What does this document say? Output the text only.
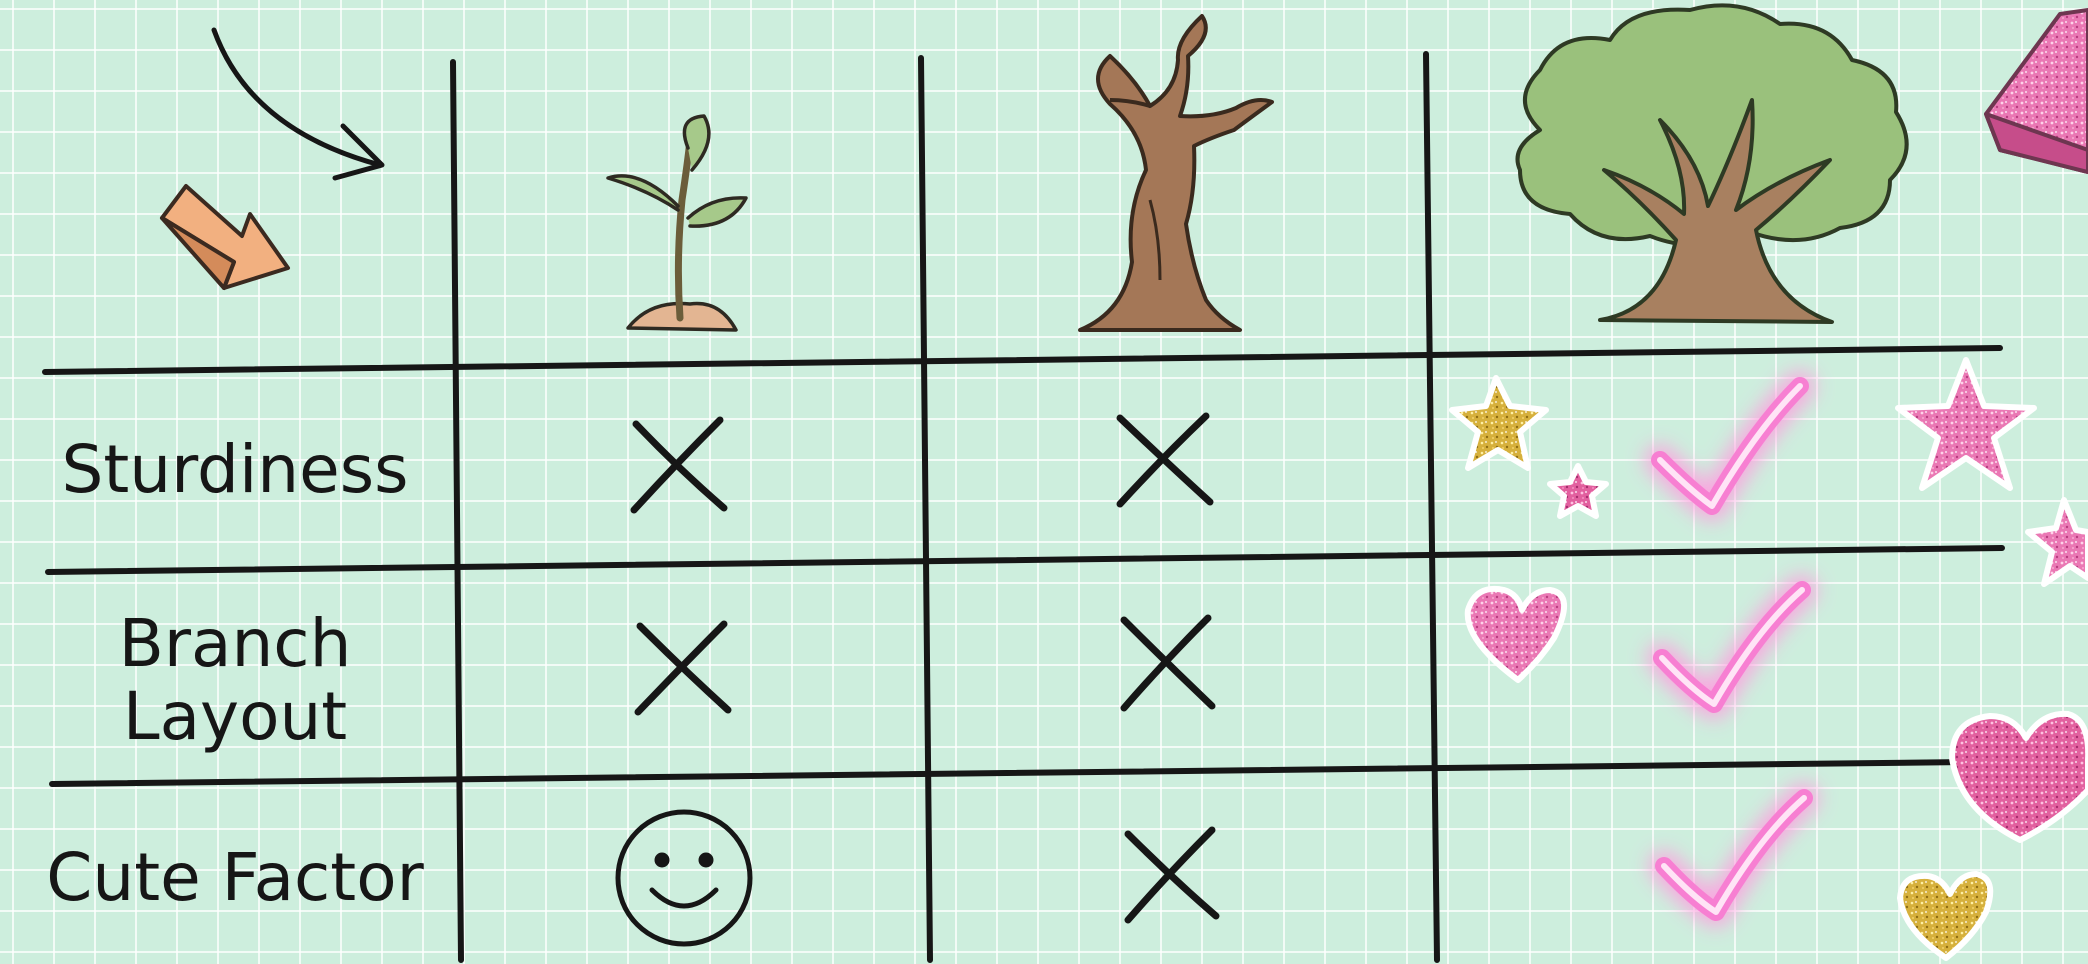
Sturdiness
Branch
Layout
Cute Factor
